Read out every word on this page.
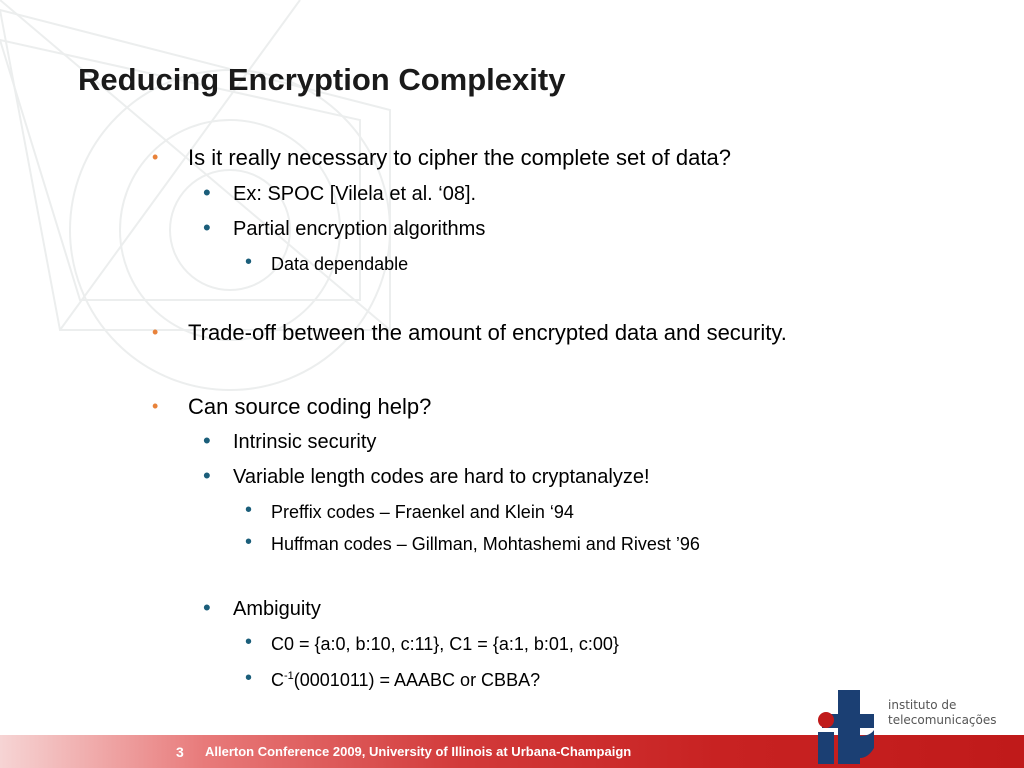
Reducing Encryption Complexity
• Is it really necessary to cipher the complete set of data?
• Ex: SPOC [Vilela et al. ‘08].
• Partial encryption algorithms
• Data dependable
• Trade-off between the amount of encrypted data and security.
• Can source coding help?
• Intrinsic security
• Variable length codes are hard to cryptanalyze!
• Preffix codes – Fraenkel and Klein ‘94
• Huffman codes – Gillman, Mohtashemi and Rivest ’96
• Ambiguity
• C0 = {a:0, b:10, c:11}, C1 = {a:1, b:01, c:00}
• $C^{-1}(0001011)$ = AAABC or CBBA?
3 Allerton Conference 2009, University of Illinois at Urbana-Champaign
instituto de
telecomunicações
